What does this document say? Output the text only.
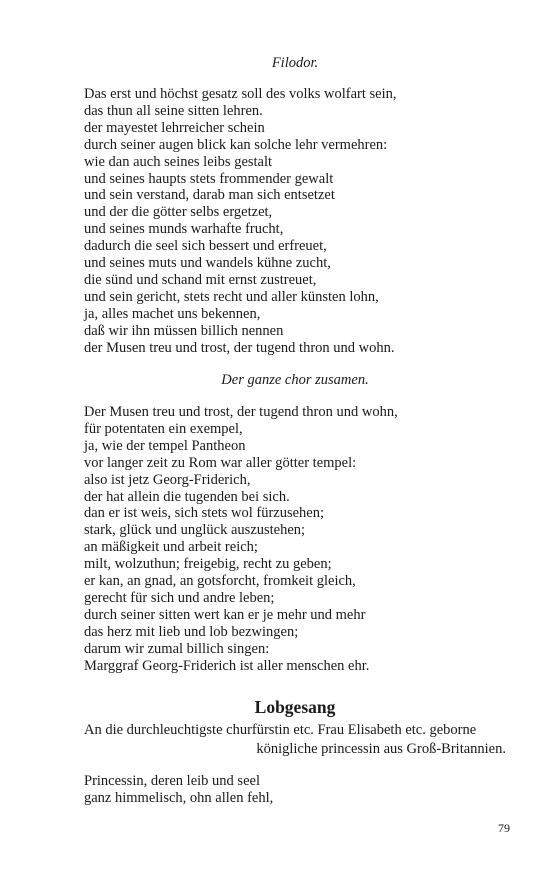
Filodor.

Das erst und höchst gesatz soll des volks wolfart sein,
das thun all seine sitten lehren.
der mayestet lehrreicher schein
durch seiner augen blick kan solche lehr vermehren:
wie dan auch seines leibs gestalt
und seines haupts stets frommender gewalt
und sein verstand, darab man sich entsetzet
und der die götter selbs ergetzet,
und seines munds warhafte frucht,
dadurch die seel sich bessert und erfreuet,
und seines muts und wandels kühne zucht,
die sünd und schand mit ernst zustreuet,
und sein gericht, stets recht und aller künsten lohn,
ja, alles machet uns bekennen,
daß wir ihn müssen billich nennen
der Musen treu und trost, der tugend thron und wohn.

Der ganze chor zusamen.

Der Musen treu und trost, der tugend thron und wohn,
für potentaten ein exempel,
ja, wie der tempel Pantheon
vor langer zeit zu Rom war aller götter tempel:
also ist jetz Georg-Friderich,
der hat allein die tugenden bei sich.
dan er ist weis, sich stets wol fürzusehen;
stark, glück und unglück auszustehen;
an mäßigkeit und arbeit reich;
milt, wolzuthun; freigebig, recht zu geben;
er kan, an gnad, an gotsforcht, fromkeit gleich,
gerecht für sich und andre leben;
durch seiner sitten wert kan er je mehr und mehr
das herz mit lieb und lob bezwingen;
darum wir zumal billich singen:
Marggraf Georg-Friderich ist aller menschen ehr.
Lobgesang

An die durchleuchtigste churfürstin etc. Frau Elisabeth etc. geborne
königliche princessin aus Groß-Britannien.

Princessin, deren leib und seel
ganz himmelisch, ohn allen fehl,
79
